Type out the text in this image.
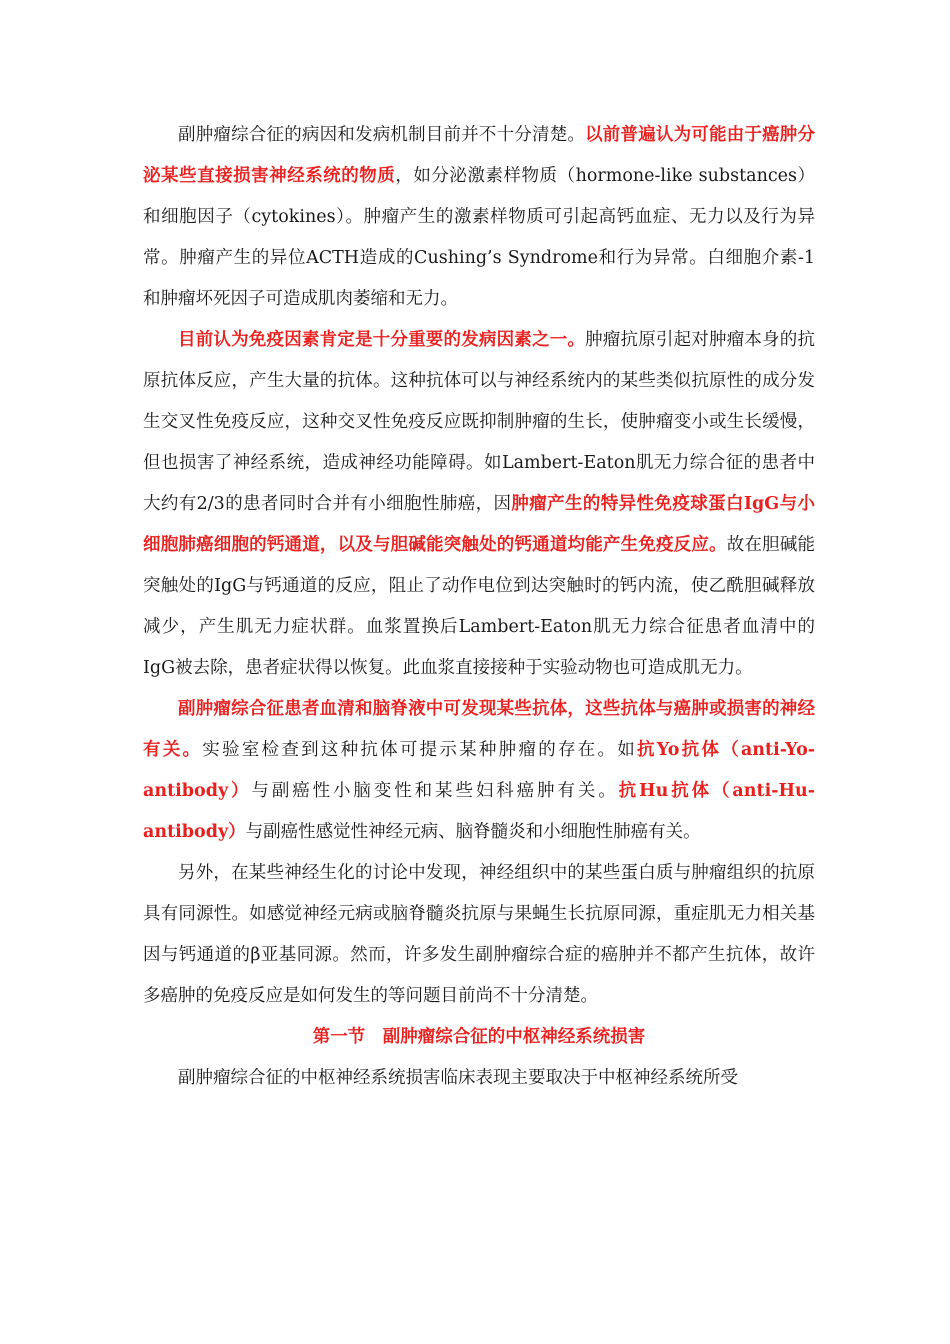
副肿瘤综合征的病因和发病机制目前并不十分清楚。以前普遍认为可能由于癌肿分泌某些直接损害神经系统的物质，如分泌激素样物质（hormone-like substances）和细胞因子（cytokines）。肿瘤产生的激素样物质可引起高钙血症、无力以及行为异常。肿瘤产生的异位ACTH造成的Cushing’s Syndrome和行为异常。白细胞介素-1和肿瘤坏死因子可造成肌肉萎缩和无力。

目前认为免疫因素肯定是十分重要的发病因素之一。肿瘤抗原引起对肿瘤本身的抗原抗体反应，产生大量的抗体。这种抗体可以与神经系统内的某些类似抗原性的成分发生交叉性免疫反应，这种交叉性免疫反应既抑制肿瘤的生长，使肿瘤变小或生长缓慢，但也损害了神经系统，造成神经功能障碍。如Lambert-Eaton肌无力综合征的患者中大约有2/3的患者同时合并有小细胞性肺癌，因肿瘤产生的特异性免疫球蛋白IgG与小细胞肺癌细胞的钙通道，以及与胆碱能突触处的钙通道均能产生免疫反应。故在胆碱能突触处的IgG与钙通道的反应，阻止了动作电位到达突触时的钙内流，使乙酰胆碱释放减少，产生肌无力症状群。血浆置换后Lambert-Eaton肌无力综合征患者血清中的IgG被去除，患者症状得以恢复。此血浆直接接种于实验动物也可造成肌无力。

副肿瘤综合征患者血清和脑脊液中可发现某些抗体，这些抗体与癌肿或损害的神经有关。实验室检查到这种抗体可提示某种肿瘤的存在。如抗Yo抗体（anti-Yo-antibody）与副癌性小脑变性和某些妇科癌肿有关。抗Hu抗体（anti-Hu-antibody）与副癌性感觉性神经元病、脑脊髓炎和小细胞性肺癌有关。

另外，在某些神经生化的讨论中发现，神经组织中的某些蛋白质与肿瘤组织的抗原具有同源性。如感觉神经元病或脑脊髓炎抗原与果蝇生长抗原同源，重症肌无力相关基因与钙通道的β亚基同源。然而，许多发生副肿瘤综合症的癌肿并不都产生抗体，故许多癌肿的免疫反应是如何发生的等问题目前尚不十分清楚。

第一节　副肿瘤综合征的中枢神经系统损害

副肿瘤综合征的中枢神经系统损害临床表现主要取决于中枢神经系统所受
